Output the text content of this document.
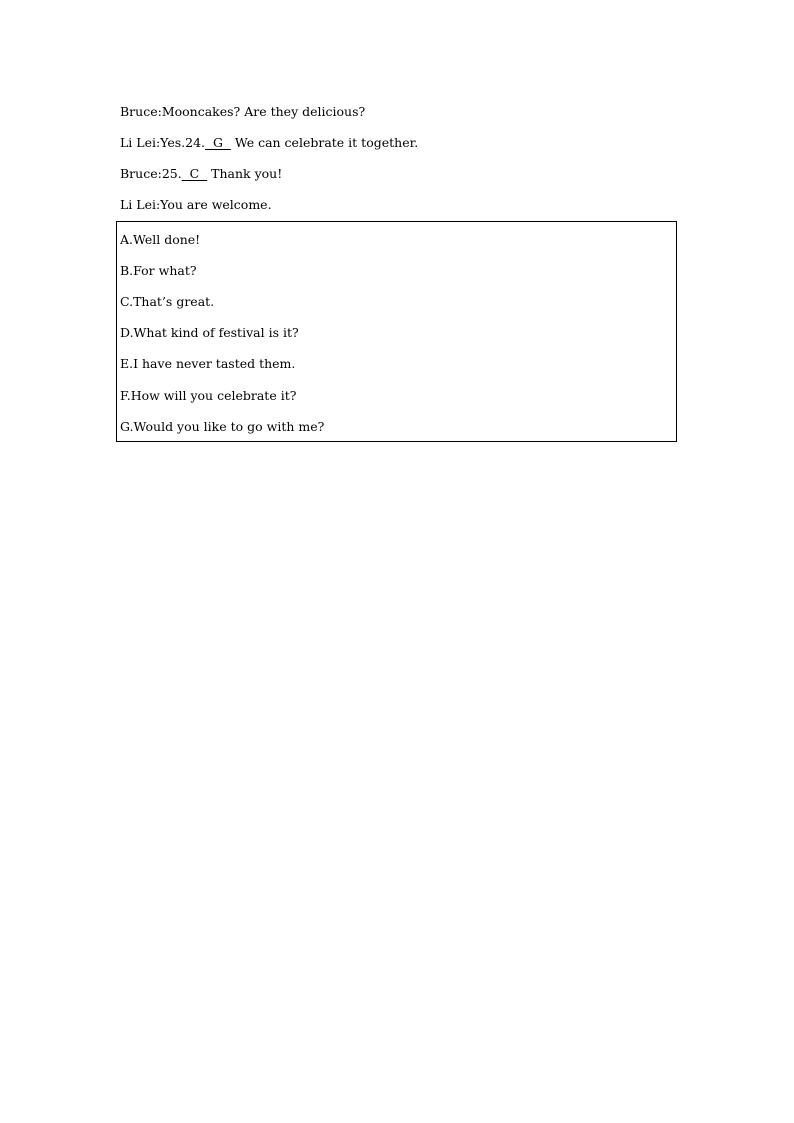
Bruce:Mooncakes? Are they delicious?
Li Lei:Yes.24.  G   We can celebrate it together.
Bruce:25.  C   Thank you!
Li Lei:You are welcome.
A.Well done!
B.For what?
C.That’s great.
D.What kind of festival is it?
E.I have never tasted them.
F.How will you celebrate it?
G.Would you like to go with me?
